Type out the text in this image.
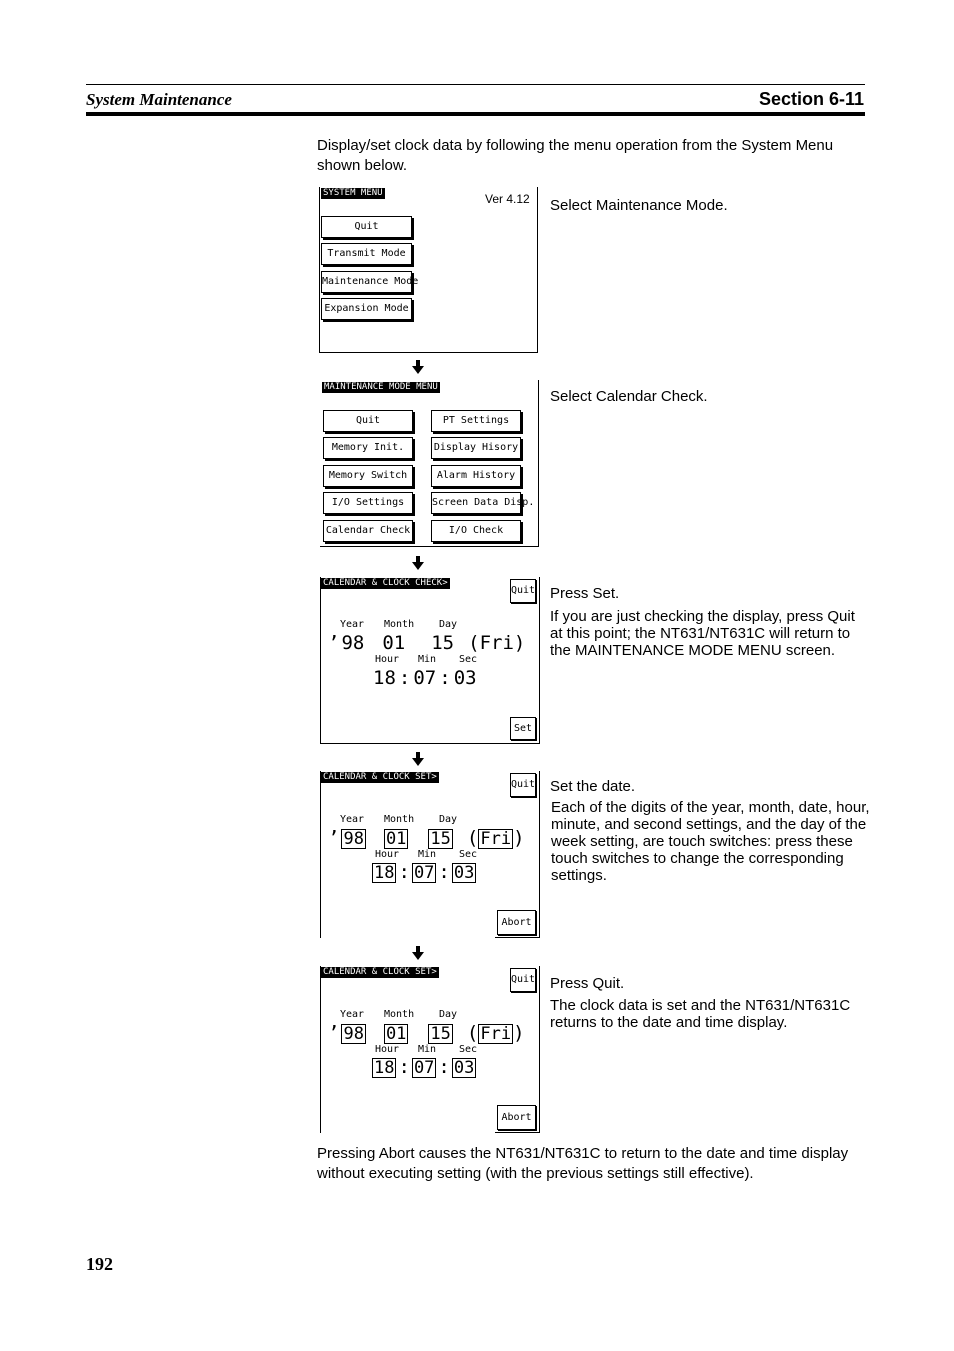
System Maintenance	Section 6-11
Display/set clock data by following the menu operation from the System Menu shown below.
SYSTEM MENU	Ver 4.12
Quit
Transmit Mode
Maintenance Mode
Expansion Mode
Select Maintenance Mode.
MAINTENANCE MODE MENU
Quit
Memory Init.
Memory Switch
I/O Settings
Calendar Check
PT Settings
Display Hisory
Alarm History
Screen Data Disp.
I/O Check
Select Calendar Check.
CALENDAR & CLOCK CHECK>
Quit
Year Month Day
’ 98 01 15 (Fri)
Hour Min Sec
18 : 07 : 03
Set
Press Set.
If you are just checking the display, press Quit at this point; the NT631/NT631C will return to the MAINTENANCE MODE MENU screen.
CALENDAR & CLOCK SET>
Quit
Year Month Day
’ 98 01 15 ( Fri )
Hour Min Sec
18 : 07 : 03
Abort
Set the date.
Each of the digits of the year, month, date, hour, minute, and second settings, and the day of the week setting, are touch switches: press these touch switches to change the corresponding settings.
CALENDAR & CLOCK SET>
Quit
Year Month Day
’ 98 01 15 ( Fri )
Hour Min Sec
18 : 07 : 03
Abort
Press Quit.
The clock data is set and the NT631/NT631C returns to the date and time display.
Pressing Abort causes the NT631/NT631C to return to the date and time display without executing setting (with the previous settings still effective).
192
